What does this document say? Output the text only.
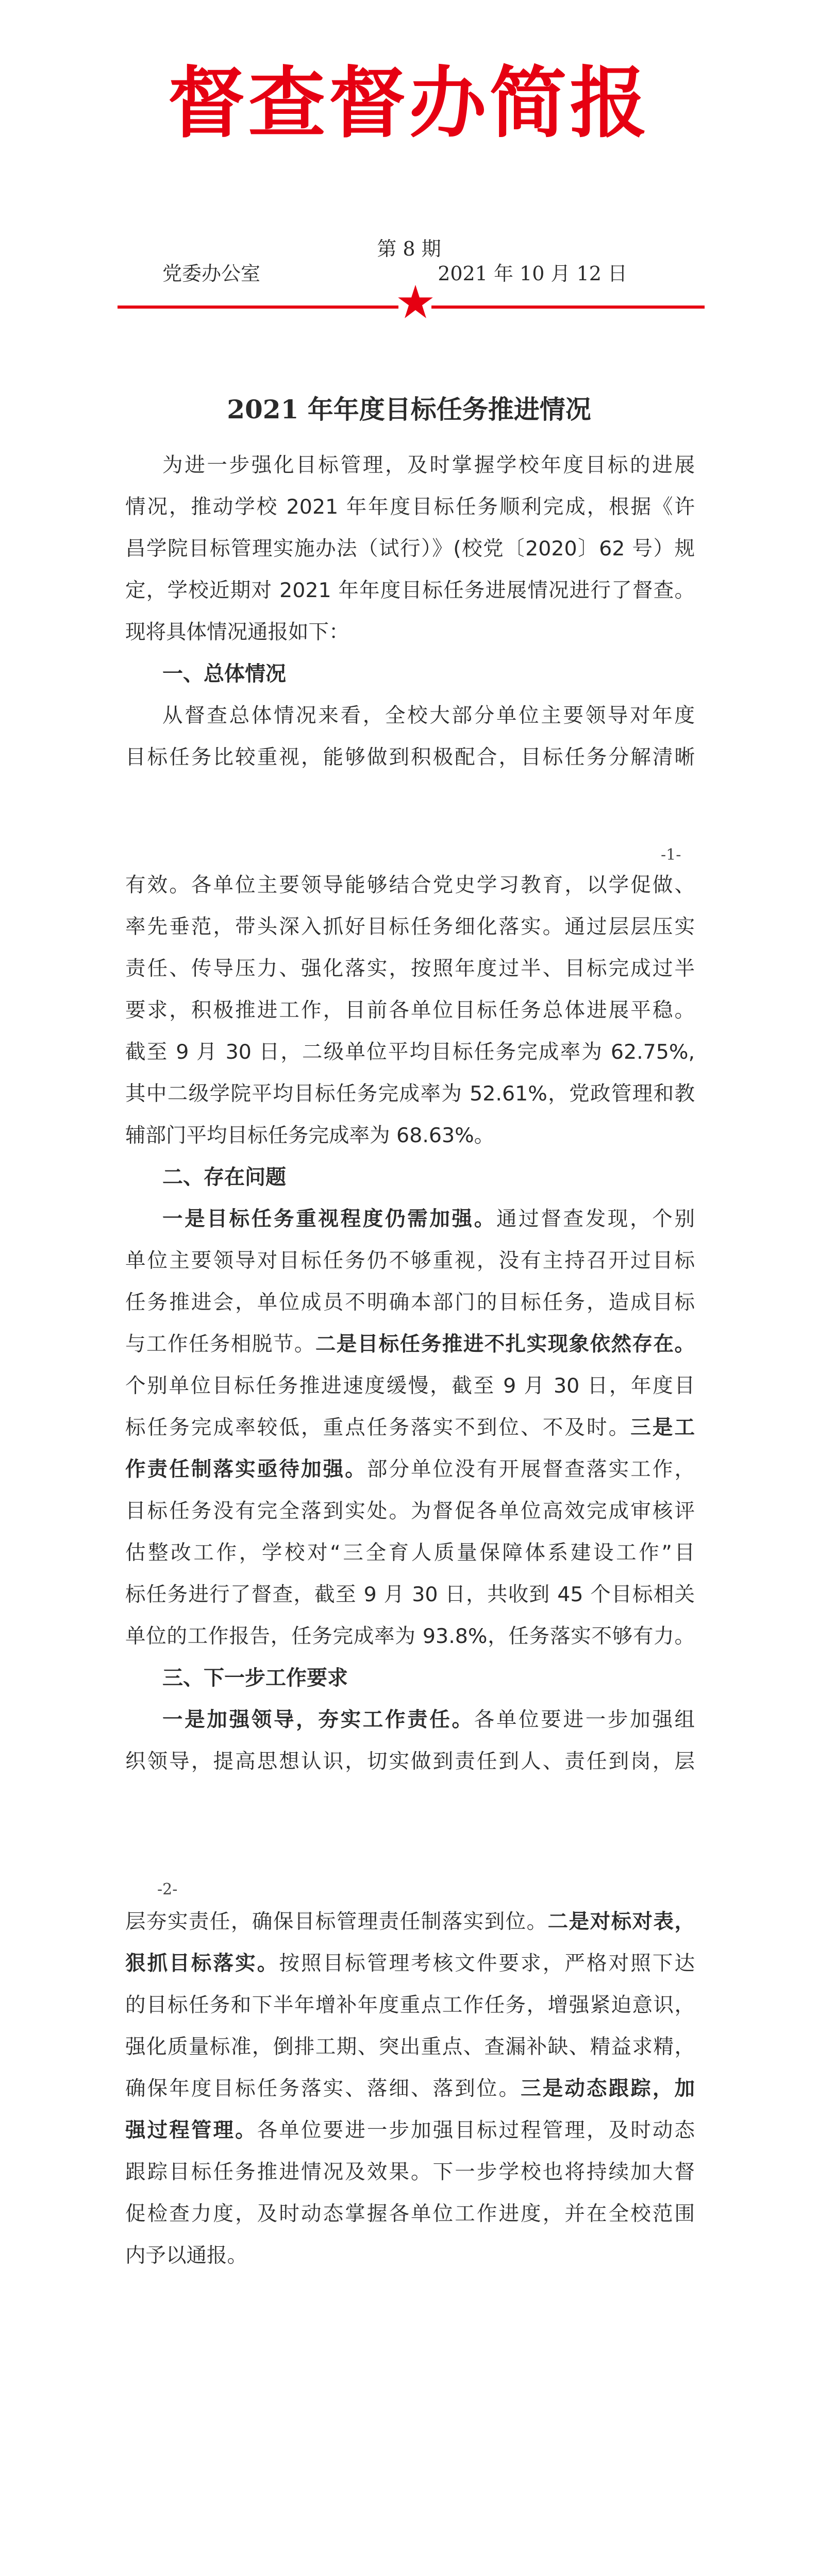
督查督办简报
第 8 期
党委办公室	2021 年 10 月 12 日
2021 年年度目标任务推进情况
为进一步强化目标管理，及时掌握学校年度目标的进展
情况，推动学校 2021 年年度目标任务顺利完成，根据《许
昌学院目标管理实施办法（试行）》(校党〔2020〕62 号）规
定，学校近期对 2021 年年度目标任务进展情况进行了督查。
现将具体情况通报如下：
一、总体情况
从督查总体情况来看，全校大部分单位主要领导对年度
目标任务比较重视，能够做到积极配合，目标任务分解清晰
-1-
有效。各单位主要领导能够结合党史学习教育，以学促做、
率先垂范，带头深入抓好目标任务细化落实。通过层层压实
责任、传导压力、强化落实，按照年度过半、目标完成过半
要求，积极推进工作，目前各单位目标任务总体进展平稳。
截至 9 月 30 日，二级单位平均目标任务完成率为 62.75%,
其中二级学院平均目标任务完成率为 52.61%，党政管理和教
辅部门平均目标任务完成率为 68.63%。
二、存在问题
一是目标任务重视程度仍需加强。通过督查发现，个别
单位主要领导对目标任务仍不够重视，没有主持召开过目标
任务推进会，单位成员不明确本部门的目标任务，造成目标
与工作任务相脱节。二是目标任务推进不扎实现象依然存在。
个别单位目标任务推进速度缓慢，截至 9 月 30 日，年度目
标任务完成率较低，重点任务落实不到位、不及时。三是工
作责任制落实亟待加强。部分单位没有开展督查落实工作，
目标任务没有完全落到实处。为督促各单位高效完成审核评
估整改工作，学校对“三全育人质量保障体系建设工作”目
标任务进行了督查，截至 9 月 30 日，共收到 45 个目标相关
单位的工作报告，任务完成率为 93.8%，任务落实不够有力。
三、下一步工作要求
一是加强领导，夯实工作责任。各单位要进一步加强组
织领导，提高思想认识，切实做到责任到人、责任到岗，层
-2-
层夯实责任，确保目标管理责任制落实到位。二是对标对表，
狠抓目标落实。按照目标管理考核文件要求，严格对照下达
的目标任务和下半年增补年度重点工作任务，增强紧迫意识，
强化质量标准，倒排工期、突出重点、查漏补缺、精益求精，
确保年度目标任务落实、落细、落到位。三是动态跟踪，加
强过程管理。各单位要进一步加强目标过程管理，及时动态
跟踪目标任务推进情况及效果。下一步学校也将持续加大督
促检查力度，及时动态掌握各单位工作进度，并在全校范围
内予以通报。
